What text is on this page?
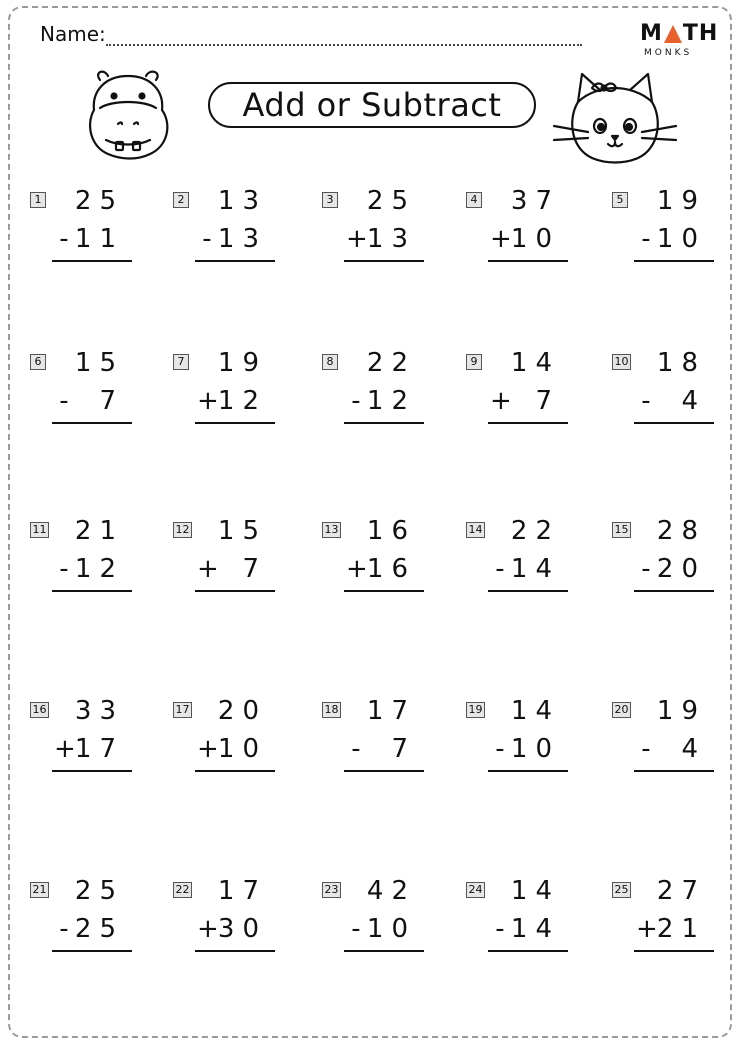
Name:	M TH
MONKS
Add or Subtract
1 25
- 11
2 13
- 13
3 25
+ 13
4 37
+ 10
5 19
- 10
6 15
- 7
7 19
+ 12
8 22
- 12
9 14
+ 7
10 18
- 4
11 21
- 12
12 15
+ 7
13 16
+ 16
14 22
- 14
15 28
- 20
16 33
+ 17
17 20
+ 10
18 17
- 7
19 14
- 10
20 19
- 4
21 25
- 25
22 17
+ 30
23 42
- 10
24 14
- 14
25 27
+ 21
